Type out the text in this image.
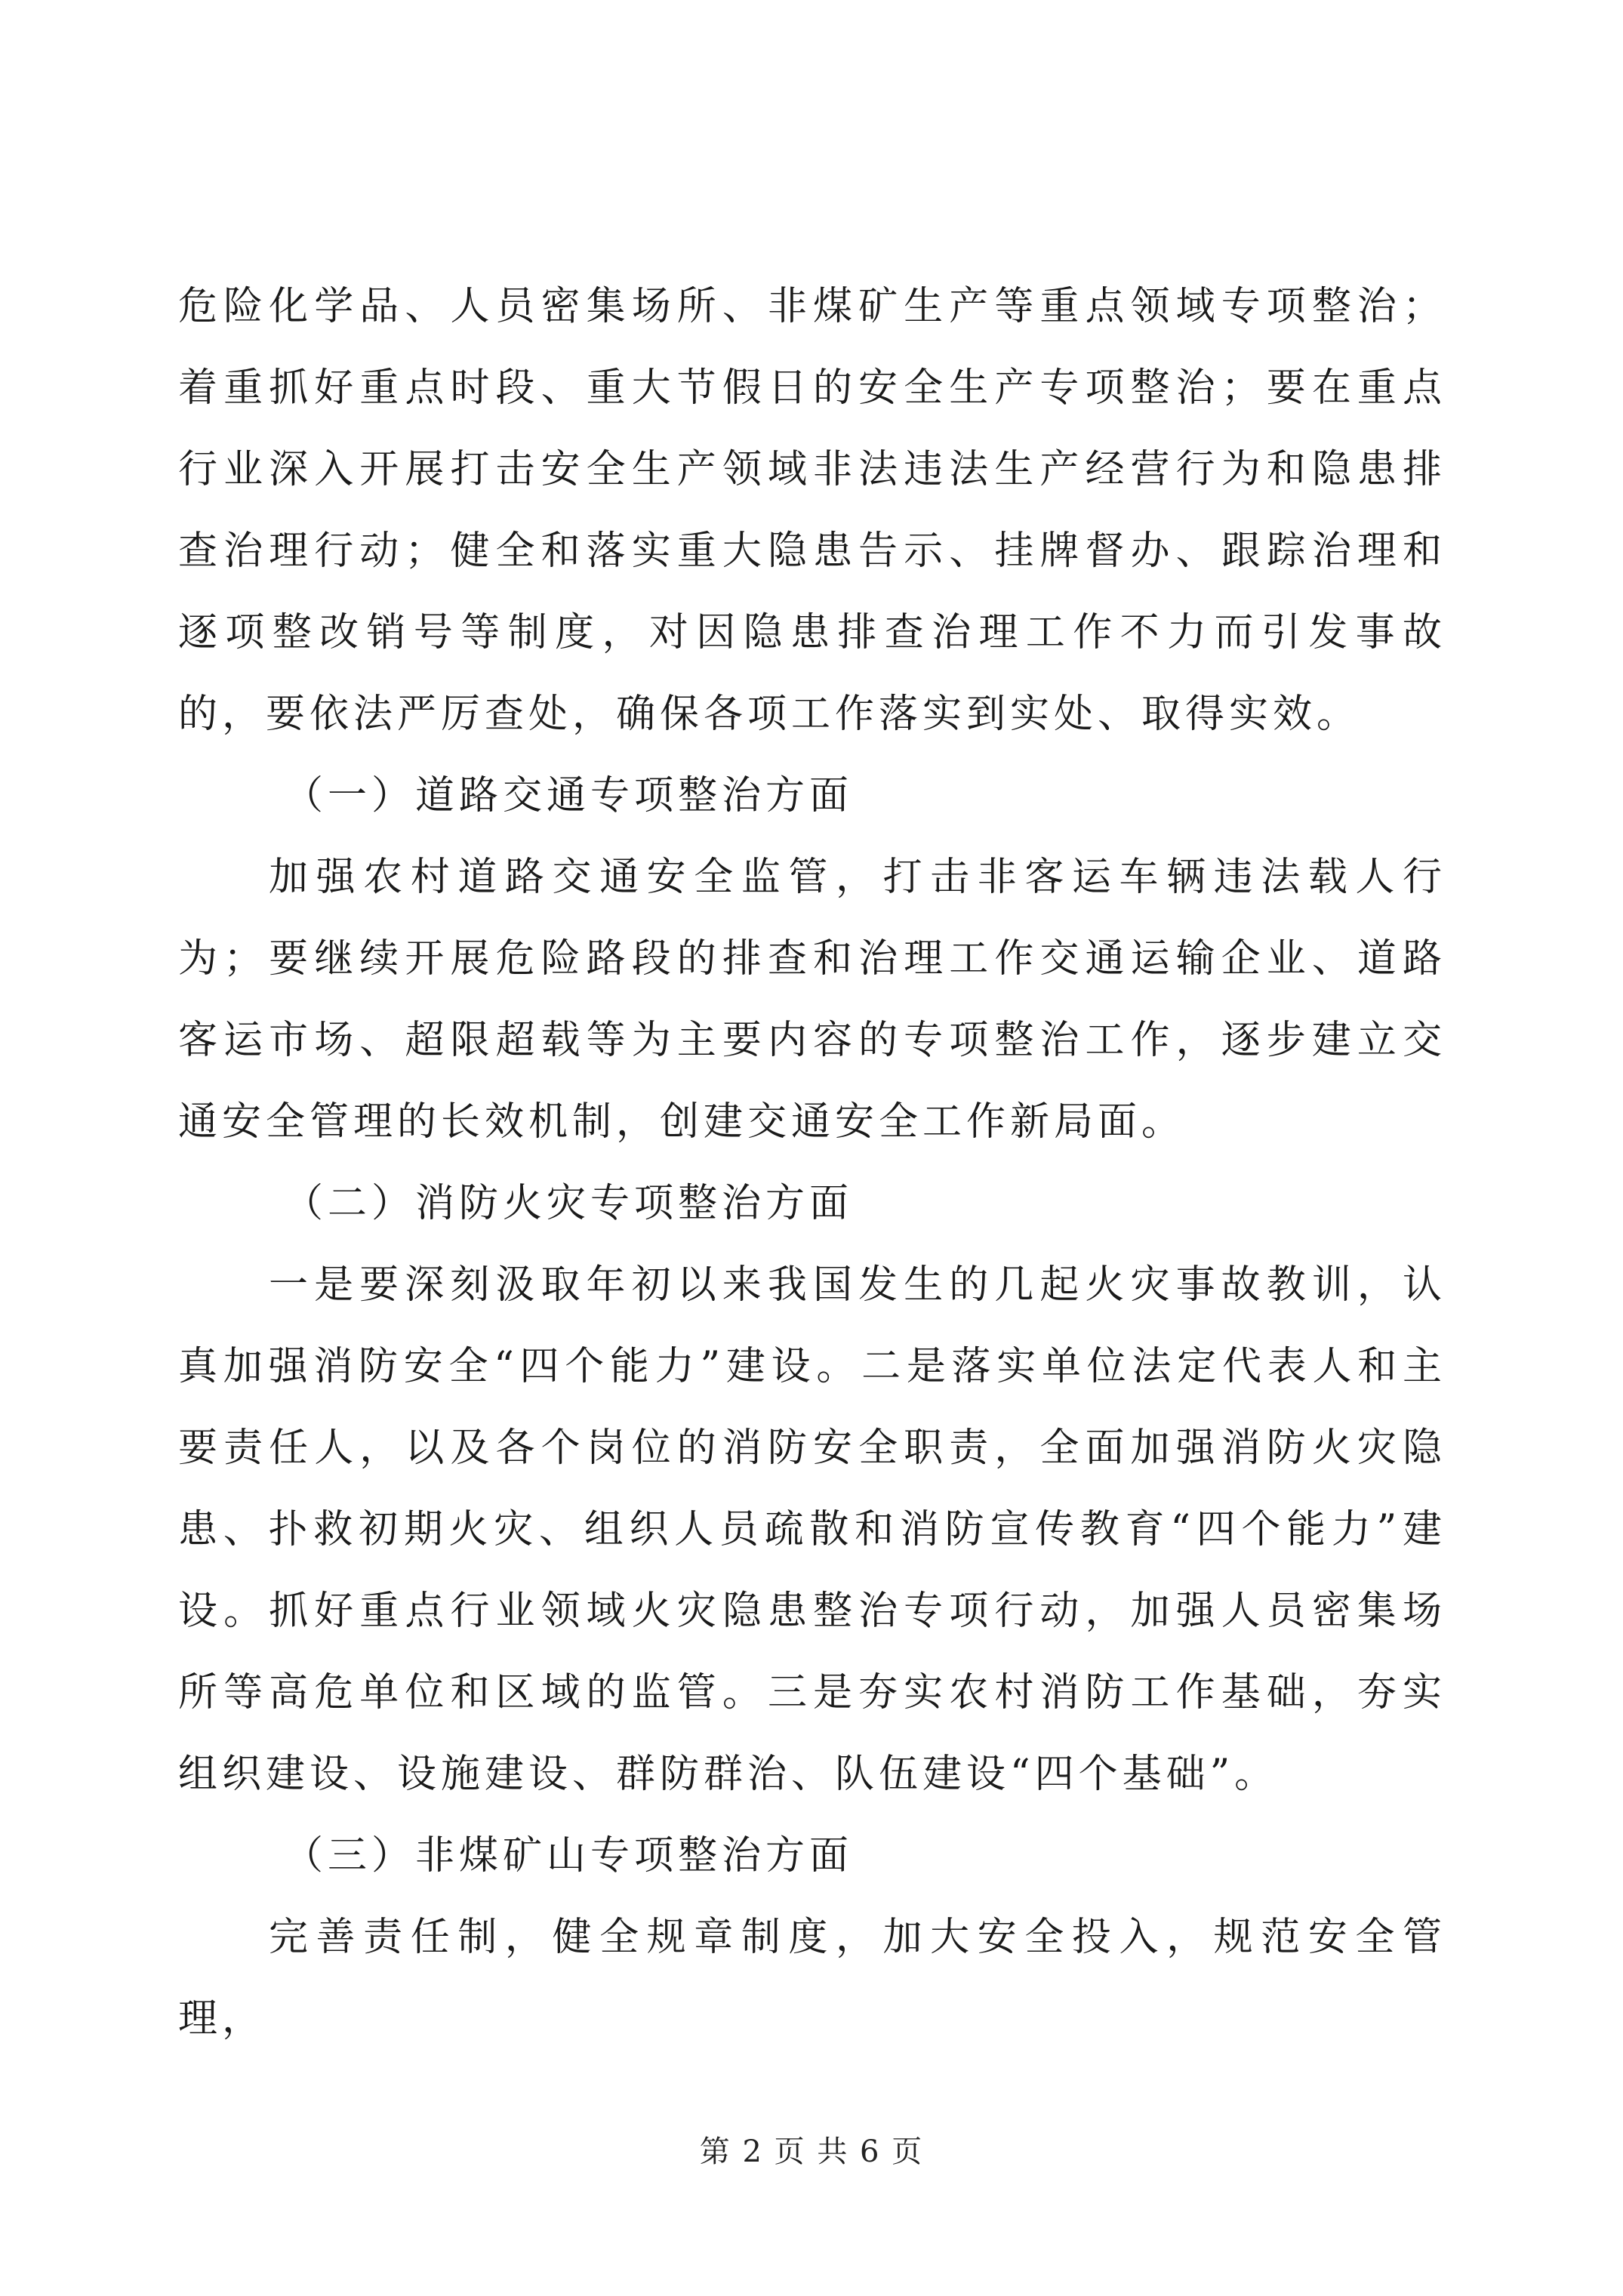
危险化学品、人员密集场所、非煤矿生产等重点领域专项整治；着重抓好重点时段、重大节假日的安全生产专项整治；要在重点行业深入开展打击安全生产领域非法违法生产经营行为和隐患排查治理行动；健全和落实重大隐患告示、挂牌督办、跟踪治理和逐项整改销号等制度，对因隐患排查治理工作不力而引发事故的，要依法严厉查处，确保各项工作落实到实处、取得实效。

（一）道路交通专项整治方面

加强农村道路交通安全监管，打击非客运车辆违法载人行为；要继续开展危险路段的排查和治理工作交通运输企业、道路客运市场、超限超载等为主要内容的专项整治工作，逐步建立交通安全管理的长效机制，创建交通安全工作新局面。

（二）消防火灾专项整治方面

一是要深刻汲取年初以来我国发生的几起火灾事故教训，认真加强消防安全“四个能力”建设。二是落实单位法定代表人和主要责任人，以及各个岗位的消防安全职责，全面加强消防火灾隐患、扑救初期火灾、组织人员疏散和消防宣传教育“四个能力”建设。抓好重点行业领域火灾隐患整治专项行动，加强人员密集场所等高危单位和区域的监管。三是夯实农村消防工作基础，夯实组织建设、设施建设、群防群治、队伍建设“四个基础”。

（三）非煤矿山专项整治方面

完善责任制，健全规章制度，加大安全投入，规范安全管理，

第 2 页 共 6 页
